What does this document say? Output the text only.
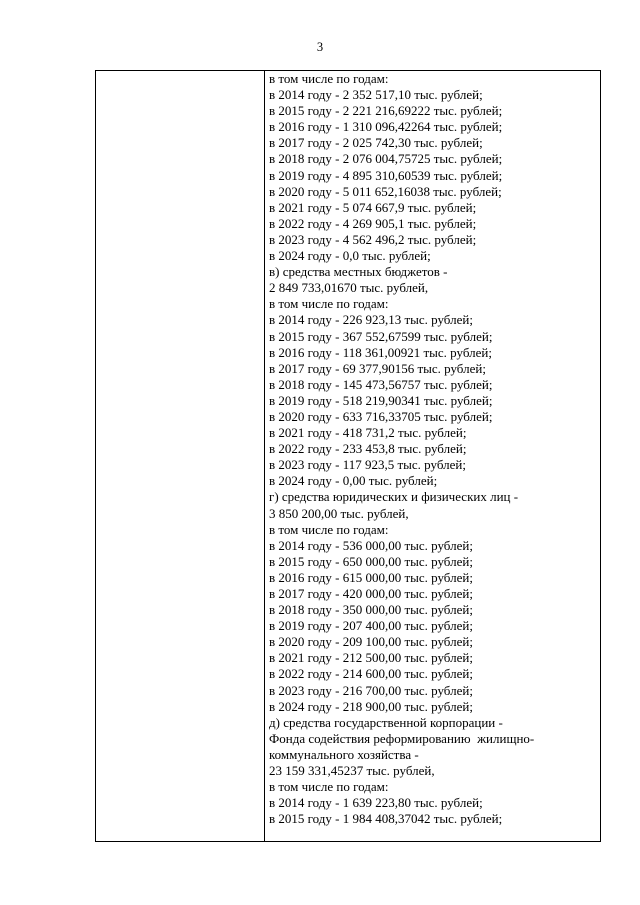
3
в том числе по годам:
в 2014 году - 2 352 517,10 тыс. рублей;
в 2015 году - 2 221 216,69222 тыс. рублей;
в 2016 году - 1 310 096,42264 тыс. рублей;
в 2017 году - 2 025 742,30 тыс. рублей;
в 2018 году - 2 076 004,75725 тыс. рублей;
в 2019 году - 4 895 310,60539 тыс. рублей;
в 2020 году - 5 011 652,16038 тыс. рублей;
в 2021 году - 5 074 667,9 тыс. рублей;
в 2022 году - 4 269 905,1 тыс. рублей;
в 2023 году - 4 562 496,2 тыс. рублей;
в 2024 году - 0,0 тыс. рублей;
в) средства местных бюджетов -
2 849 733,01670 тыс. рублей,
в том числе по годам:
в 2014 году - 226 923,13 тыс. рублей;
в 2015 году - 367 552,67599 тыс. рублей;
в 2016 году - 118 361,00921 тыс. рублей;
в 2017 году - 69 377,90156 тыс. рублей;
в 2018 году - 145 473,56757 тыс. рублей;
в 2019 году - 518 219,90341 тыс. рублей;
в 2020 году - 633 716,33705 тыс. рублей;
в 2021 году - 418 731,2 тыс. рублей;
в 2022 году - 233 453,8 тыс. рублей;
в 2023 году - 117 923,5 тыс. рублей;
в 2024 году - 0,00 тыс. рублей;
г) средства юридических и физических лиц -
3 850 200,00 тыс. рублей,
в том числе по годам:
в 2014 году - 536 000,00 тыс. рублей;
в 2015 году - 650 000,00 тыс. рублей;
в 2016 году - 615 000,00 тыс. рублей;
в 2017 году - 420 000,00 тыс. рублей;
в 2018 году - 350 000,00 тыс. рублей;
в 2019 году - 207 400,00 тыс. рублей;
в 2020 году - 209 100,00 тыс. рублей;
в 2021 году - 212 500,00 тыс. рублей;
в 2022 году - 214 600,00 тыс. рублей;
в 2023 году - 216 700,00 тыс. рублей;
в 2024 году - 218 900,00 тыс. рублей;
д) средства государственной корпорации -
Фонда содействия реформированию  жилищно-
коммунального хозяйства -
23 159 331,45237 тыс. рублей,
в том числе по годам:
в 2014 году - 1 639 223,80 тыс. рублей;
в 2015 году - 1 984 408,37042 тыс. рублей;
